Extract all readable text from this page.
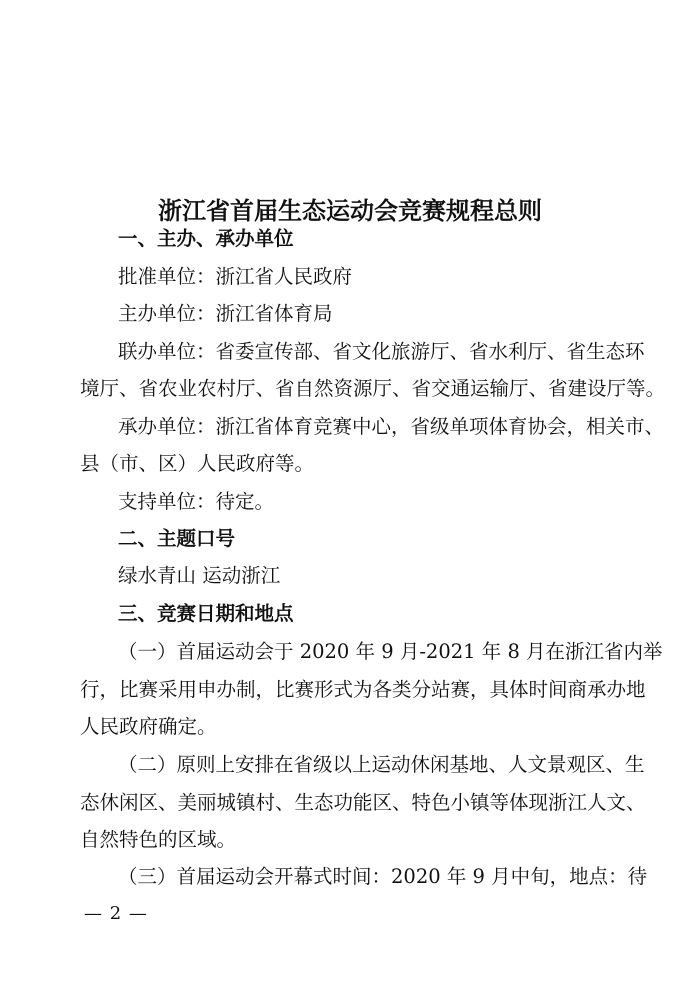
浙江省首届生态运动会竞赛规程总则

一、主办、承办单位

批准单位：浙江省人民政府

主办单位：浙江省体育局

联办单位：省委宣传部、省文化旅游厅、省水利厅、省生态环

境厅、省农业农村厅、省自然资源厅、省交通运输厅、省建设厅等。

承办单位：浙江省体育竞赛中心，省级单项体育协会，相关市、

县（市、区）人民政府等。

支持单位：待定。

二、主题口号

绿水青山 运动浙江

三、竞赛日期和地点

（一）首届运动会于 2020 年 9 月-2021 年 8 月在浙江省内举

行，比赛采用申办制，比赛形式为各类分站赛，具体时间商承办地

人民政府确定。

（二）原则上安排在省级以上运动休闲基地、人文景观区、生

态休闲区、美丽城镇村、生态功能区、特色小镇等体现浙江人文、

自然特色的区域。

（三）首届运动会开幕式时间：2020 年 9 月中旬，地点：待

— 2 —
